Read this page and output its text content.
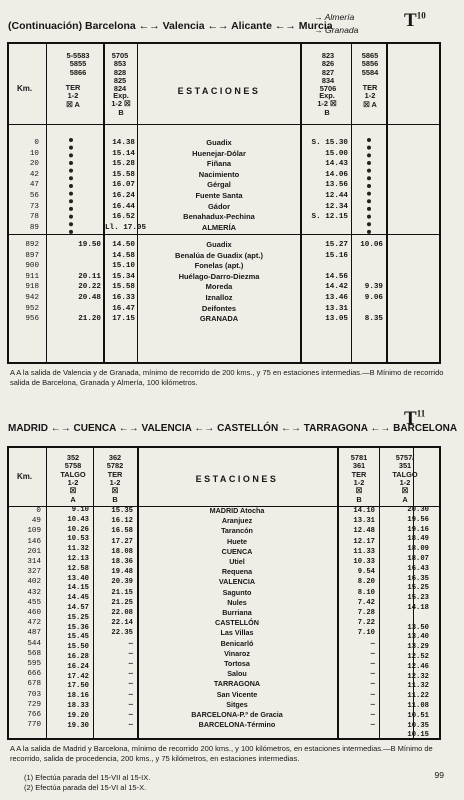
(Continuación) Barcelona ←→ Valencia ←→ Alicante ←→ Murcia
→ Almería
→ Granada $T^{10}$
Km.
5-5583
5855
5866
TER
1-2
☒ A
5705
853
828
825
824
Exp.
1-2 ☒
B
ESTACIONES
823
826
827
834
5706
Exp.
1-2 ☒
B
5865
5856
5584
TER
1-2
☒ A
0
10
20
42
47
56
73
78
89
14.38
15.14
15.28
15.58
16.07
16.24
16.44
16.52
Ll. 17.05
Guadix
Huenejar-Dólar
Fiñana
Nacimiento
Gérgal
Fuente Santa
Gádor
Benahadux-Pechina
ALMERÍA
S. 15.30
15.00
14.43
14.06
13.56
12.44
12.34
S. 12.15
892
897
900
911
918
942
952
956
19.50

20.11
20.22
20.48

21.20
14.50
14.58
15.10
15.34
15.58
16.33
16.47
17.15
Guadix
Benalúa de Guadix (apt.)
Fonelas (apt.)
Huélago-Darro-Diezma
Moreda
Iznalloz
Deifontes
GRANADA
15.27
15.16

14.56
14.42
13.46
13.31
13.05
10.06

9.39
9.06

8.35
A A la salida de Valencia y de Granada, mínimo de recorrido de 200 kms., y 75 en estaciones intermedias.—B Mínimo de recorrido salida de Barcelona, Granada y Almería, 100 kilómetros.
MADRID ←→ CUENCA ←→ VALENCIA ←→ CASTELLÓN ←→ TARRAGONA ←→ BARCELONA
$T^{11}$
Km.
352
5758
TALGO
1-2
☒
362
5782
TER
1-2
☒
A	B
ESTACIONES
5781
361
TER
1-2
☒
5757/
351
TALGO
1-2
☒
B	A
0
49
109
146
201
314
327
402
432
455
460
472
487
544
568
595
666
678
703
729
766
770
9.10
10.43
10.26
10.53
11.32
12.13
12.58
13.40
14.15
14.45
14.57
15.25
15.36
15.45
15.50
16.28
16.24
17.42
17.50
18.16
18.33
19.20
19.30
15.35
16.12
16.58
17.27
18.08
18.36
19.48
20.39
21.15
21.25
22.08
22.14
22.35
—
—
—
—
—
—
—
—
—
MADRID Atocha
Aranjuez
Tarancón
Huete
CUENCA
Utiel
Requena
VALENCIA
Sagunto
Nules
Burriana
CASTELLÓN
Las Villas
Benicarló
Vinaroz
Tortosa
Salou
TARRAGONA
San Vicente
Sitges
BARCELONA-P.º de Gracia
BARCELONA-Término
14.10
13.31
12.48
12.17
11.33
10.33
9.54
8.20
8.10
7.42
7.28
7.22
7.10
—
—
—
—
—
—
—
—
—
20.30
19.56
19.16
18.49
18.09
18.07
16.43
16.35
15.25
15.23
14.18

13.50
13.40
13.29
12.52
12.46
12.32
11.32
11.22
11.08
10.51
10.35
10.15
A A la salida de Madrid y Barcelona, mínimo de recorrido 200 kms., y 100 kilómetros, en estaciones intermedias.—B Mínimo de recorrido, salida de procedencia, 200 kms., y 75 kilómetros, en estaciones intermedias.
(1) Efectúa parada del 15-VII al 15-IX.
(2) Efectúa parada del 15-VI al 15-X.
99
